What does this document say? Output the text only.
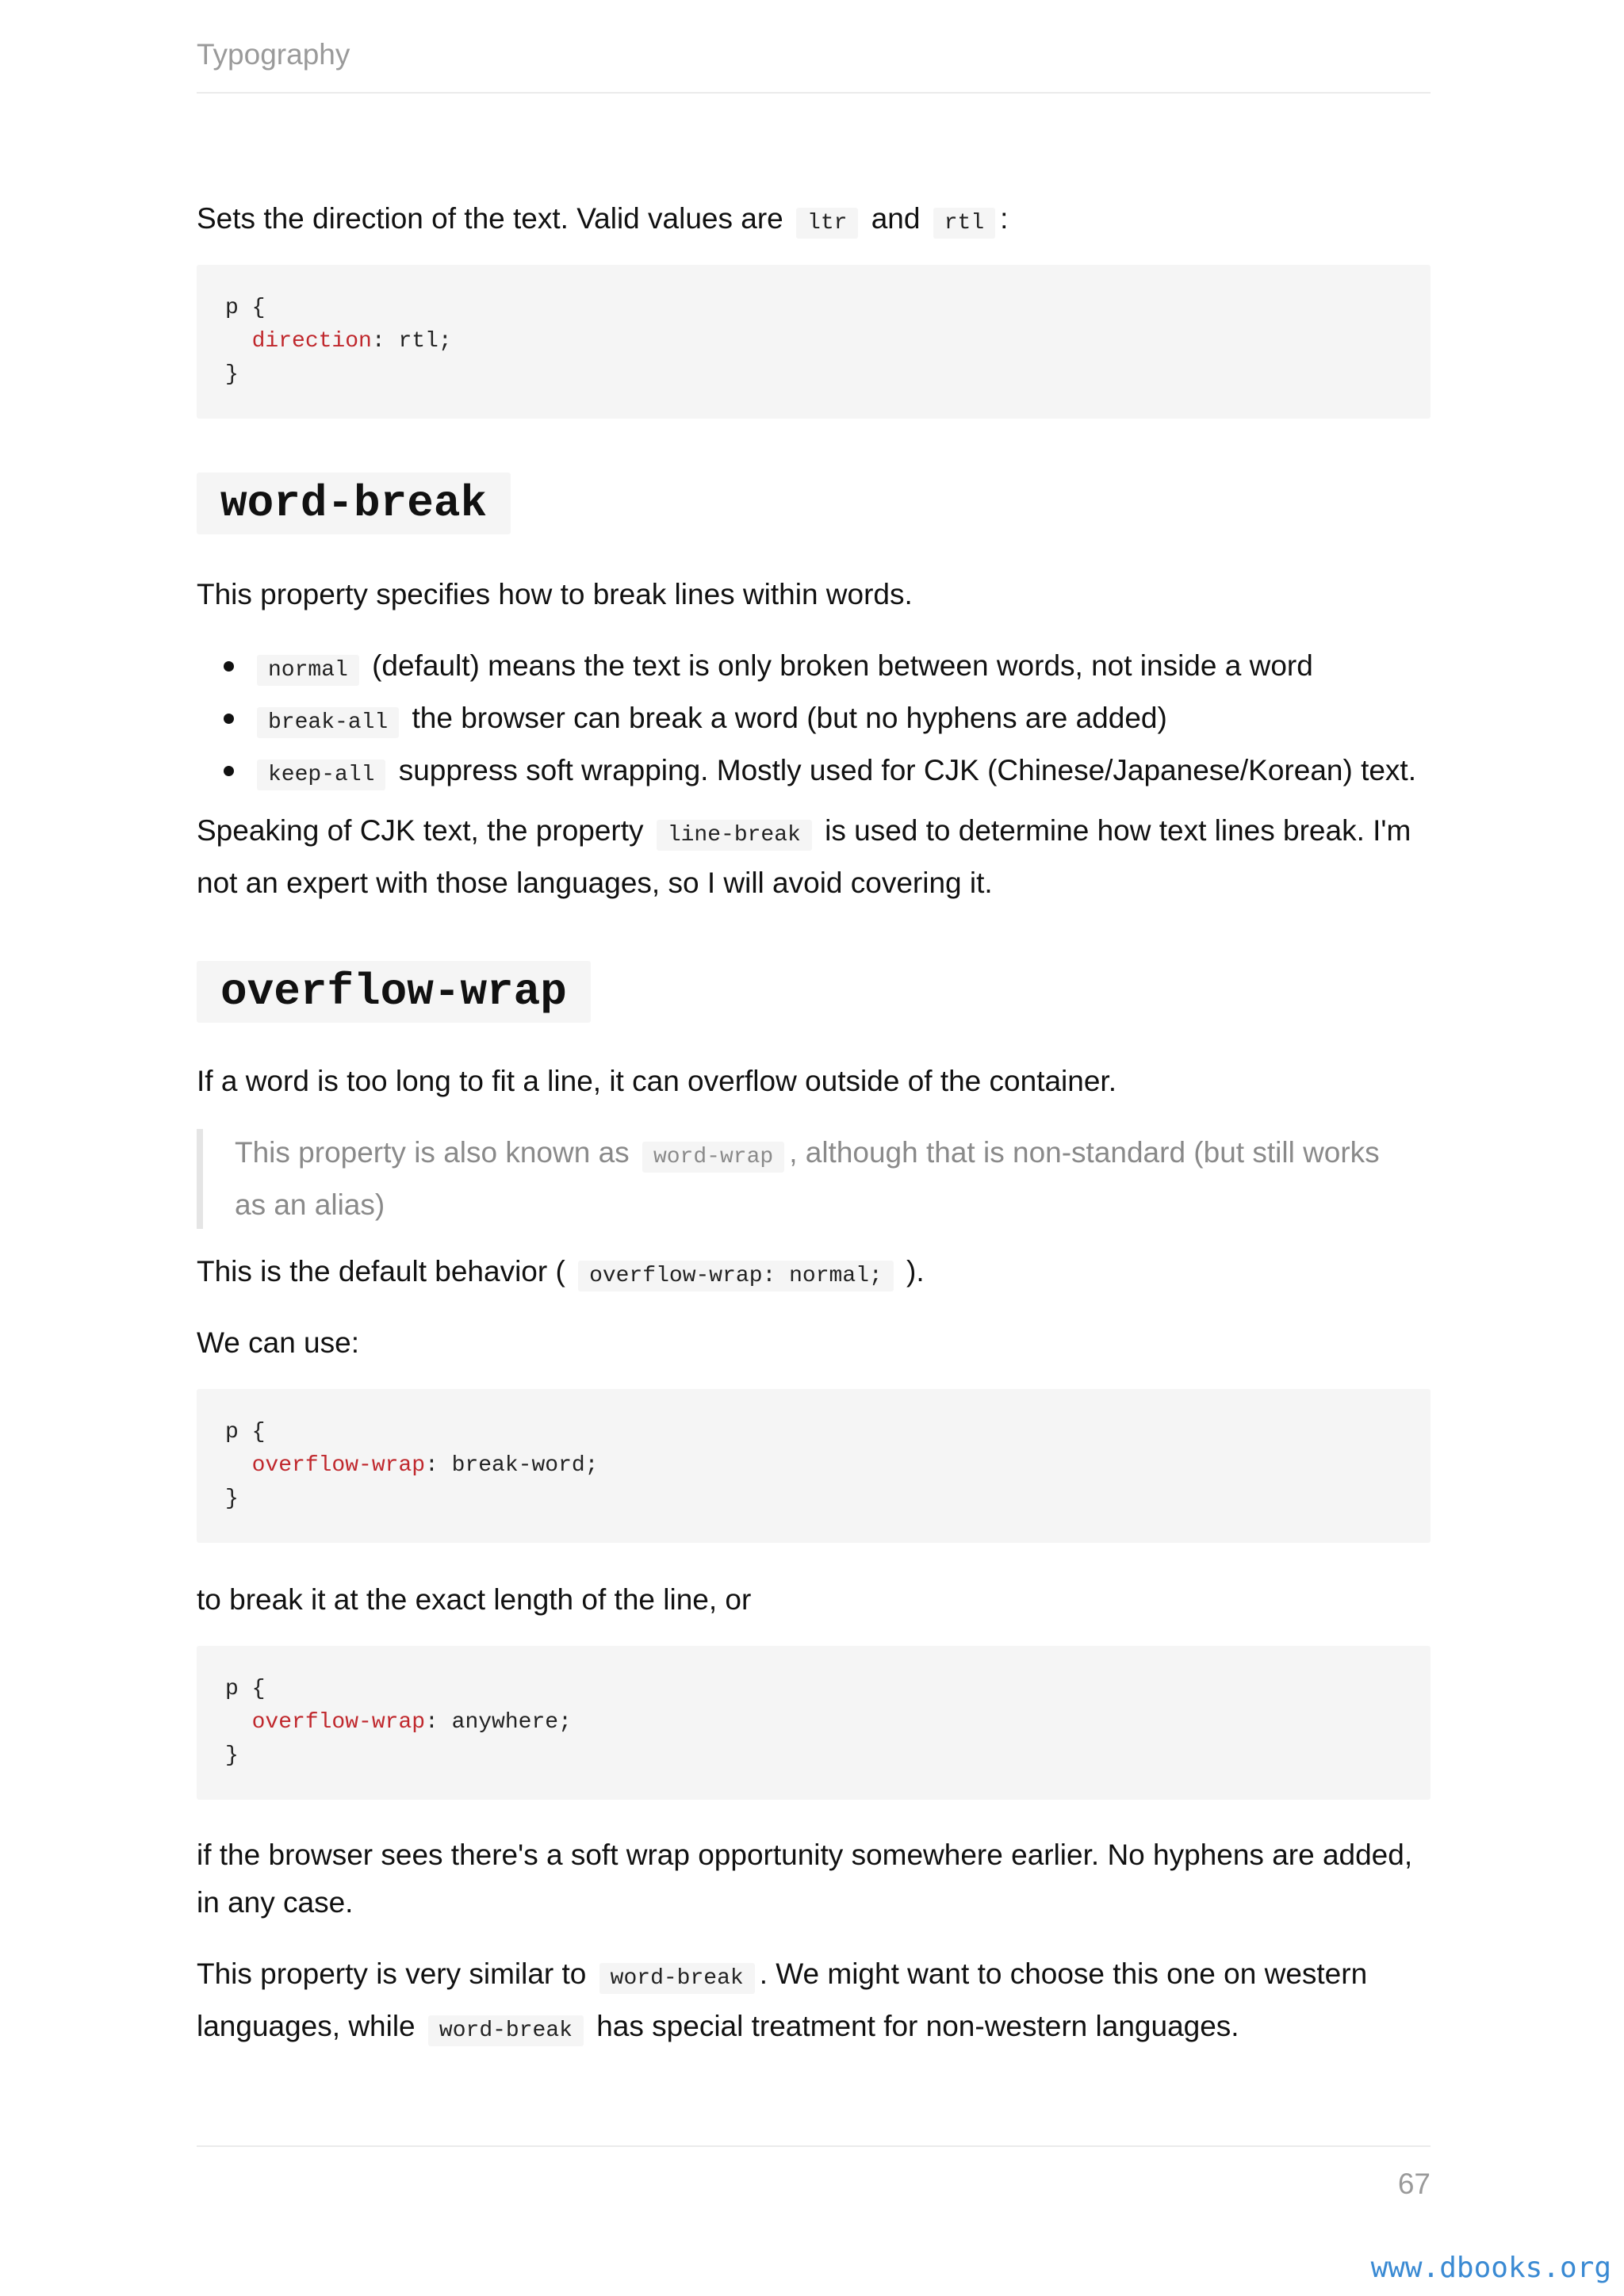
Typography

Sets the direction of the text. Valid values are ltr and rtl :

p {
direction: rtl;
}
word-break

This property specifies how to break lines within words.

normal (default) means the text is only broken between words, not inside a word
break-all the browser can break a word (but no hyphens are added)
keep-all suppress soft wrapping. Mostly used for CJK (Chinese/Japanese/Korean) text.

Speaking of CJK text, the property line-break is used to determine how text lines break. I'm not an expert with those languages, so I will avoid covering it.

overflow-wrap

If a word is too long to fit a line, it can overflow outside of the container.

This property is also known as word-wrap , although that is non-standard (but still works as an alias)

This is the default behavior ( overflow-wrap: normal; ).

We can use:

p {
overflow-wrap: break-word;
}

to break it at the exact length of the line, or

p {
overflow-wrap: anywhere;
}

if the browser sees there's a soft wrap opportunity somewhere earlier. No hyphens are added, in any case.

This property is very similar to word-break . We might want to choose this one on western languages, while word-break has special treatment for non-western languages.

67
www.dbooks.org
